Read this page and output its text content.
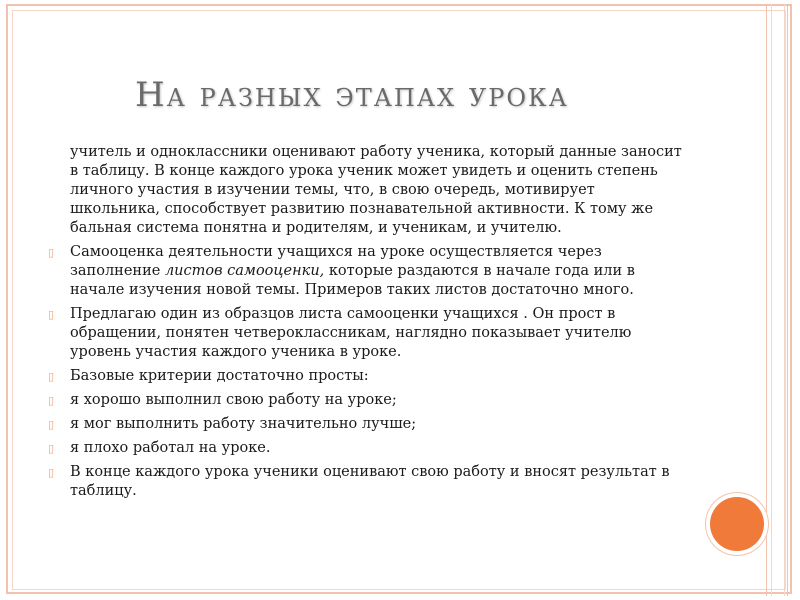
На разных этапах урока

учитель и одноклассники оценивают работу ученика, который данные заносит в таблицу. В конце каждого урока ученик может увидеть и оценить степень личного участия в изучении темы, что, в свою очередь, мотивирует школьника, способствует развитию познавательной активности. К тому же бальная система понятна и родителям, и ученикам, и учителю.

▯ Самооценка деятельности учащихся на уроке осуществляется через заполнение листов самооценки, которые раздаются в начале года или в начале изучения новой темы. Примеров таких листов достаточно много.
▯ Предлагаю один из образцов листа самооценки учащихся . Он прост в обращении, понятен четвероклассникам, наглядно показывает учителю уровень участия каждого ученика в уроке.
▯ Базовые критерии достаточно просты:
▯ я хорошо выполнил свою работу на уроке;
▯ я мог выполнить работу значительно лучше;
▯ я плохо работал на уроке.
▯ В конце каждого урока ученики оценивают свою работу и вносят результат в таблицу.
